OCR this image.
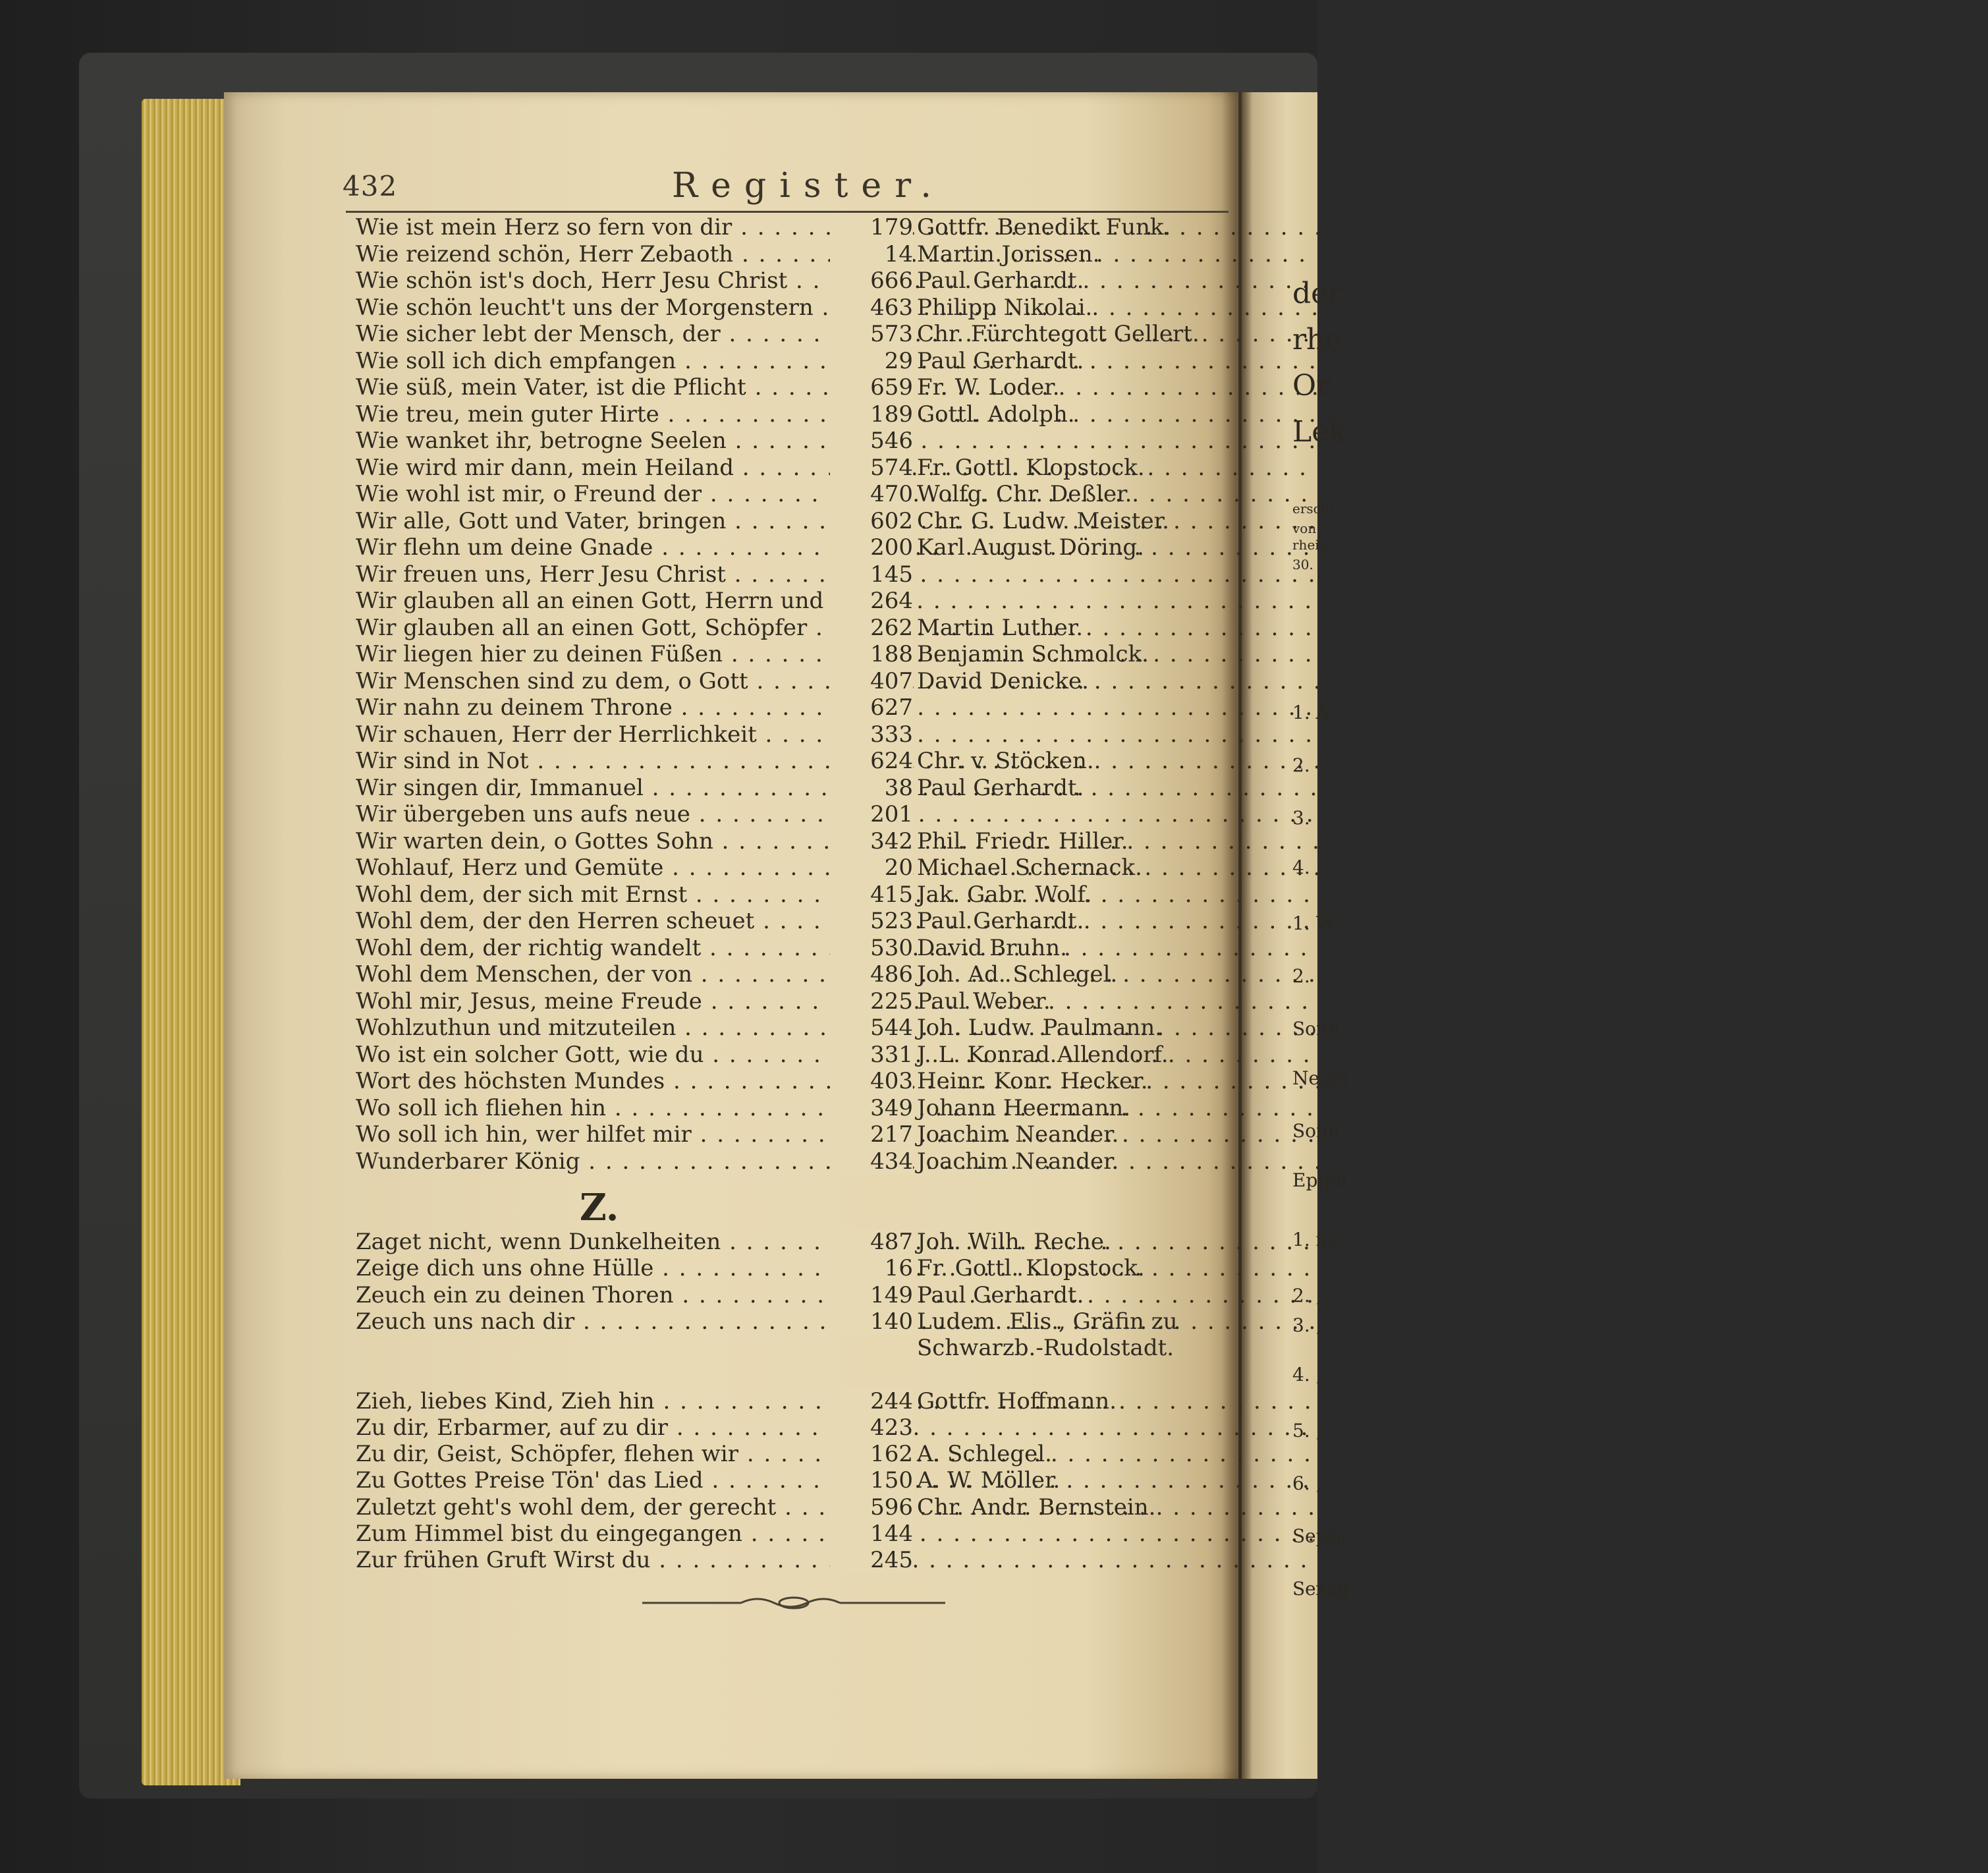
432	Register.
Wie ist mein Herz so fern von dir . . .	179 Gottfr. Benedikt Funk.
Wie reizend schön, Herr Zebaoth . . .	14 Martin Jorissen.
Wie schön ist's doch, Herr Jesu Christ . . .	666 Paul Gerhardt.
Wie schön leucht't uns der Morgenstern . . .	463 Philipp Nikolai.
Wie sicher lebt der Mensch, der . . .	573 Chr. Fürchtegott Gellert.
Wie soll ich dich empfangen . . .	29 Paul Gerhardt.
Wie süß, mein Vater, ist die Pflicht . . .	659 Fr. W. Loder.
Wie treu, mein guter Hirte . . .	189 Gottl. Adolph.
Wie wanket ihr, betrogne Seelen . . .	546
Wie wird mir dann, mein Heiland . . .	574 Fr. Gottl. Klopstock.
Wie wohl ist mir, o Freund der . . .	470 Wolfg. Chr. Deßler.
Wir alle, Gott und Vater, bringen . . .	602 Chr. G. Ludw. Meister.
Wir flehn um deine Gnade . . .	200 Karl August Döring.
Wir freuen uns, Herr Jesu Christ . . .	145
Wir glauben all an einen Gott, Herrn und . . .	264
Wir glauben all an einen Gott, Schöpfer . . .	262 Martin Luther.
Wir liegen hier zu deinen Füßen . . .	188 Benjamin Schmolck.
Wir Menschen sind zu dem, o Gott . . .	407 David Denicke.
Wir nahn zu deinem Throne . . .	627
Wir schauen, Herr der Herrlichkeit . . .	333
Wir sind in Not . . .	624 Chr. v. Stöcken.
Wir singen dir, Immanuel . . .	38 Paul Gerhardt.
Wir übergeben uns aufs neue . . .	201
Wir warten dein, o Gottes Sohn . . .	342 Phil. Friedr. Hiller.
Wohlauf, Herz und Gemüte . . .	20 Michael Schernack.
Wohl dem, der sich mit Ernst . . .	415 Jak. Gabr. Wolf.
Wohl dem, der den Herren scheuet . . .	523 Paul Gerhardt.
Wohl dem, der richtig wandelt . . .	530 David Bruhn.
Wohl dem Menschen, der von . . .	486 Joh. Ad. Schlegel.
Wohl mir, Jesus, meine Freude . . .	225 Paul Weber.
Wohlzuthun und mitzuteilen . . .	544 Joh. Ludw. Paulmann.
Wo ist ein solcher Gott, wie du . . .	331 J. L. Konrad Allendorf.
Wort des höchsten Mundes . . .	403 Heinr. Konr. Hecker.
Wo soll ich fliehen hin . . .	349 Johann Heermann.
Wo soll ich hin, wer hilfet mir . . .	217 Joachim Neander.
Wunderbarer König . . .	434 Joachim Neander.
Z.
Zaget nicht, wenn Dunkelheiten . . .	487 Joh. Wilh. Reche.
Zeige dich uns ohne Hülle . . .	16 Fr. Gottl. Klopstock.
Zeuch ein zu deinen Thoren . . .	149 Paul Gerhardt.
Zeuch uns nach dir . . .	140 Ludem. Elis., Gräfin zu
Schwarzb.-Rudolstadt.
Zieh, liebes Kind, Zieh hin . . .	244 Gottfr. Hoffmann.
Zu dir, Erbarmer, auf zu dir . . .	423
Zu dir, Geist, Schöpfer, flehen wir . . .	162 A. Schlegel.
Zu Gottes Preise Tön' das Lied . . .	150 A. W. Möller.
Zuletzt geht's wohl dem, der gerecht . . .	596 Chr. Andr. Bernstein.
Zum Himmel bist du eingegangen . . .	144
Zur frühen Gruft Wirst du . . .	245
der
rhe
Or
Lek
erschi
von
rhein.
30.
1. A
2.
3.
4.
1. W
2.
Sonn
Neuja
Sonn
Epiph
1. na
2. „
3. „
4. „
5. „
6. „
Septu
Sexag
